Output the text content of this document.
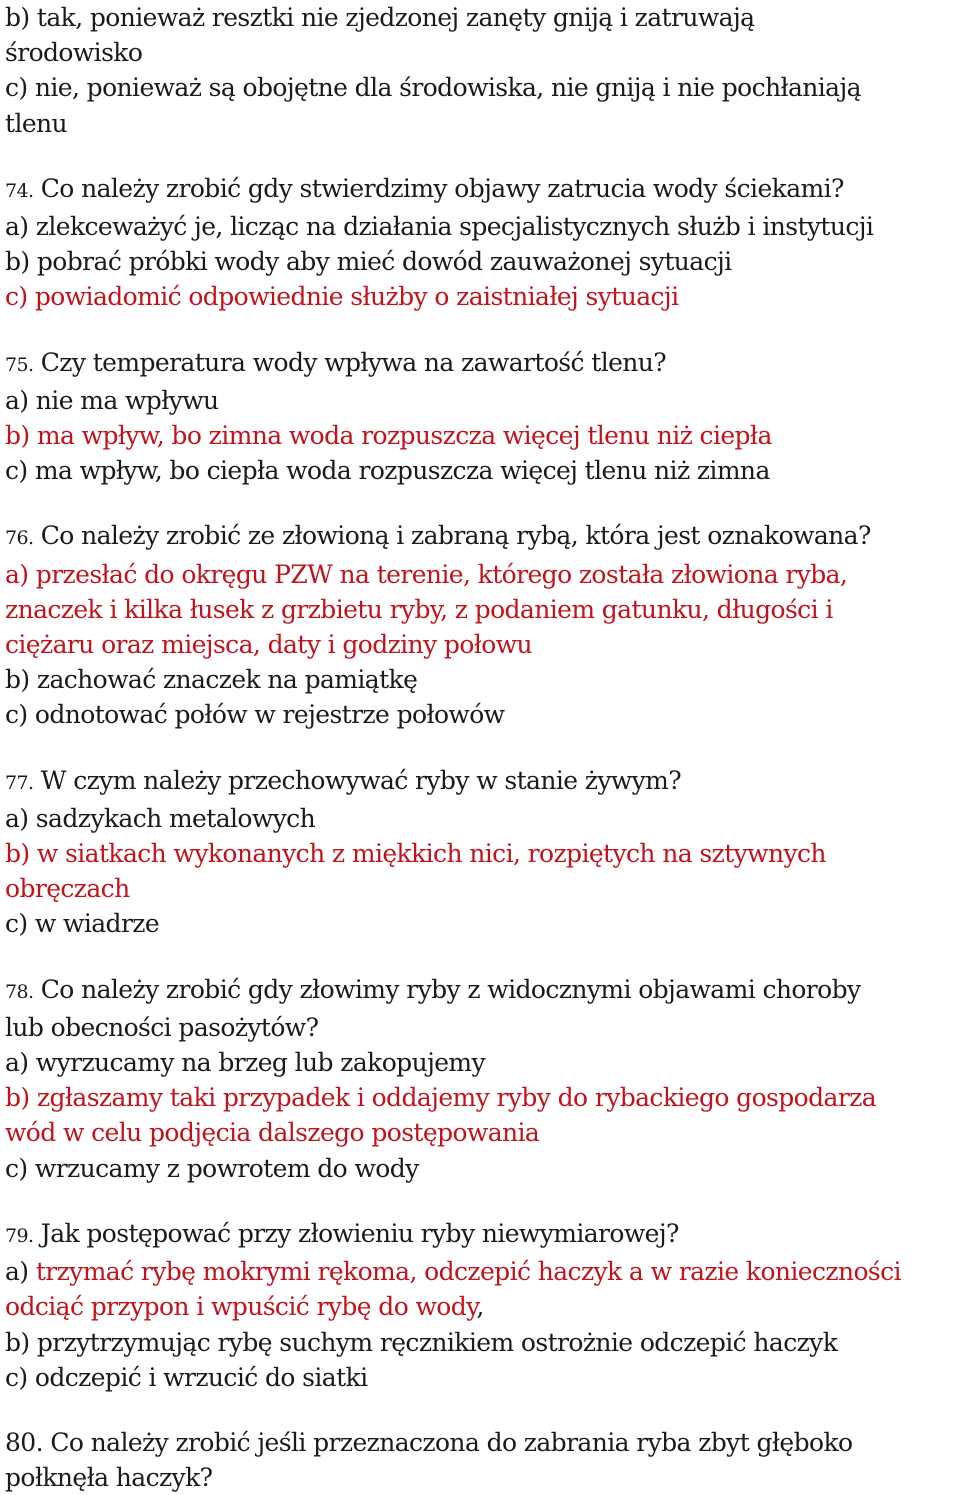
b) tak, ponieważ resztki nie zjedzonej zanęty gniją i zatruwają
środowisko
c) nie, ponieważ są obojętne dla środowiska, nie gniją i nie pochłaniają
tlenu
74. Co należy zrobić gdy stwierdzimy objawy zatrucia wody ściekami?
a) zlekceważyć je, licząc na działania specjalistycznych służb i instytucji
b) pobrać próbki wody aby mieć dowód zauważonej sytuacji
c) powiadomić odpowiednie służby o zaistniałej sytuacji
75. Czy temperatura wody wpływa na zawartość tlenu?
a) nie ma wpływu
b) ma wpływ, bo zimna woda rozpuszcza więcej tlenu niż ciepła
c) ma wpływ, bo ciepła woda rozpuszcza więcej tlenu niż zimna
76. Co należy zrobić ze złowioną i zabraną rybą, która jest oznakowana?
a) przesłać do okręgu PZW na terenie, którego została złowiona ryba,
znaczek i kilka łusek z grzbietu ryby, z podaniem gatunku, długości i
ciężaru oraz miejsca, daty i godziny połowu
b) zachować znaczek na pamiątkę
c) odnotować połów w rejestrze połowów
77. W czym należy przechowywać ryby w stanie żywym?
a) sadzykach metalowych
b) w siatkach wykonanych z miękkich nici, rozpiętych na sztywnych
obręczach
c) w wiadrze
78. Co należy zrobić gdy złowimy ryby z widocznymi objawami choroby
lub obecności pasożytów?
a) wyrzucamy na brzeg lub zakopujemy
b) zgłaszamy taki przypadek i oddajemy ryby do rybackiego gospodarza
wód w celu podjęcia dalszego postępowania
c) wrzucamy z powrotem do wody
79. Jak postępować przy złowieniu ryby niewymiarowej?
a) trzymać rybę mokrymi rękoma, odczepić haczyk a w razie konieczności
odciąć przypon i wpuścić rybę do wody,
b) przytrzymując rybę suchym ręcznikiem ostrożnie odczepić haczyk
c) odczepić i wrzucić do siatki
80. Co należy zrobić jeśli przeznaczona do zabrania ryba zbyt głęboko
połknęła haczyk?
